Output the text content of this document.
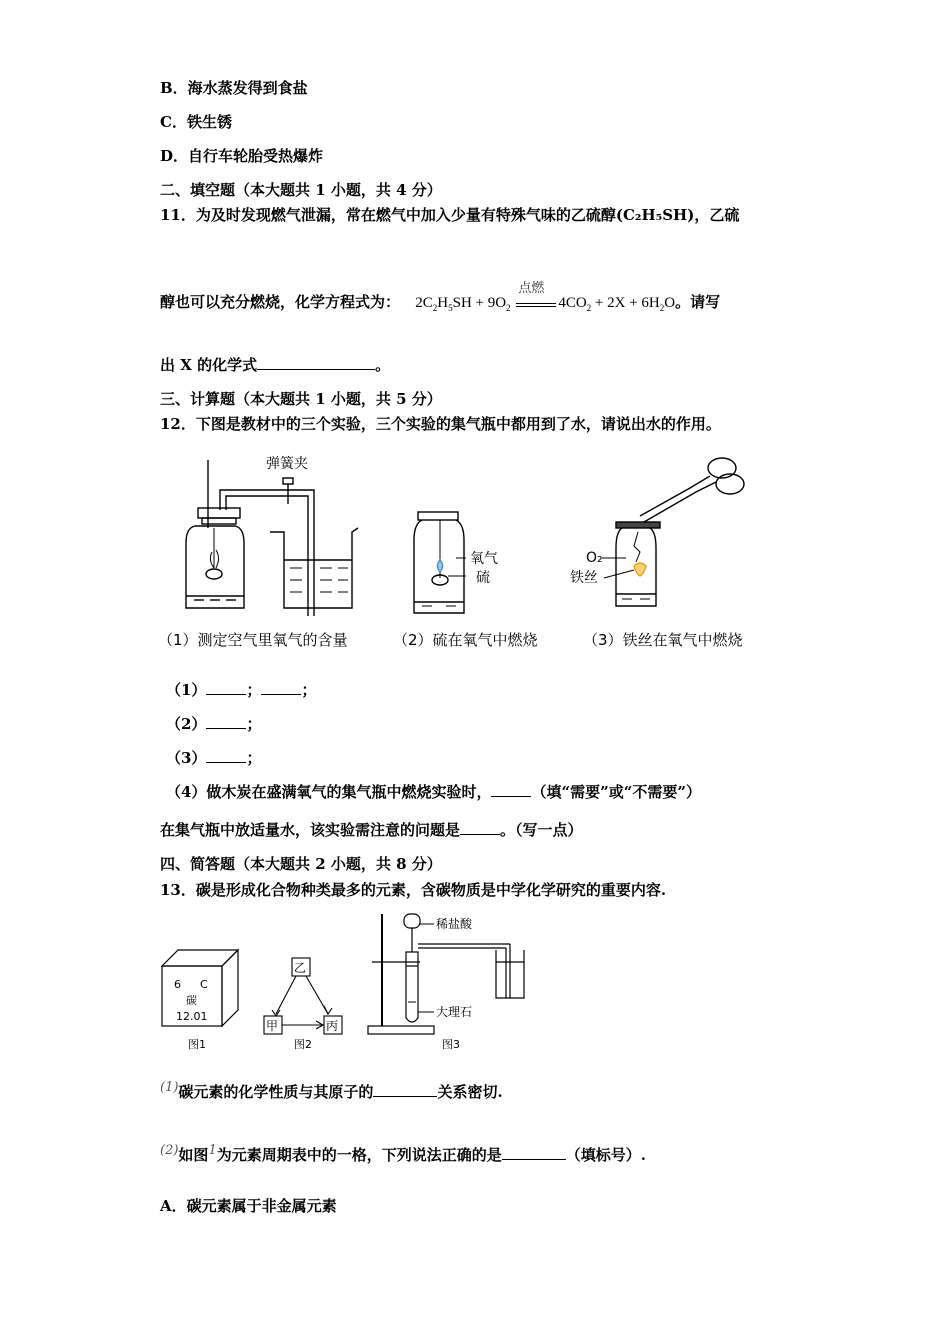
B．海水蒸发得到食盐
C．铁生锈
D．自行车轮胎受热爆炸
二、填空题（本大题共 1 小题，共 4 分）
11．为及时发现燃气泄漏，常在燃气中加入少量有特殊气味的乙硫醇(C₂H₅SH)，乙硫
醇也可以充分燃烧，化学方程式为： $2C_2H_5SH + 9O_2$
点燃
$4CO_2 + 2X + 6H_2O$。请写
出 X 的化学式	。
三、计算题（本大题共 1 小题，共 5 分）
12．下图是教材中的三个实验，三个实验的集气瓶中都用到了水，请说出水的作用。
弹簧夹
氧气
硫
O₂
铁丝
（1）测定空气里氧气的含量	（2）硫在氧气中燃烧	（3）铁丝在氧气中燃烧
（1）	；	；
（2）	；
（3）	；
（4）做木炭在盛满氧气的集气瓶中燃烧实验时，	（填“需要”或“不需要”）
在集气瓶中放适量水，该实验需注意的问题是	。（写一点）
四、简答题（本大题共 2 小题，共 8 分）
13．碳是形成化合物种类最多的元素，含碳物质是中学化学研究的重要内容.
6 C
碳
12.01
乙
甲	丙
稀盐酸
大理石
图1	图2	图3
(1)碳元素的化学性质与其原子的	关系密切.
(2)如图1为元素周期表中的一格，下列说法正确的是	（填标号）.
A．碳元素属于非金属元素
